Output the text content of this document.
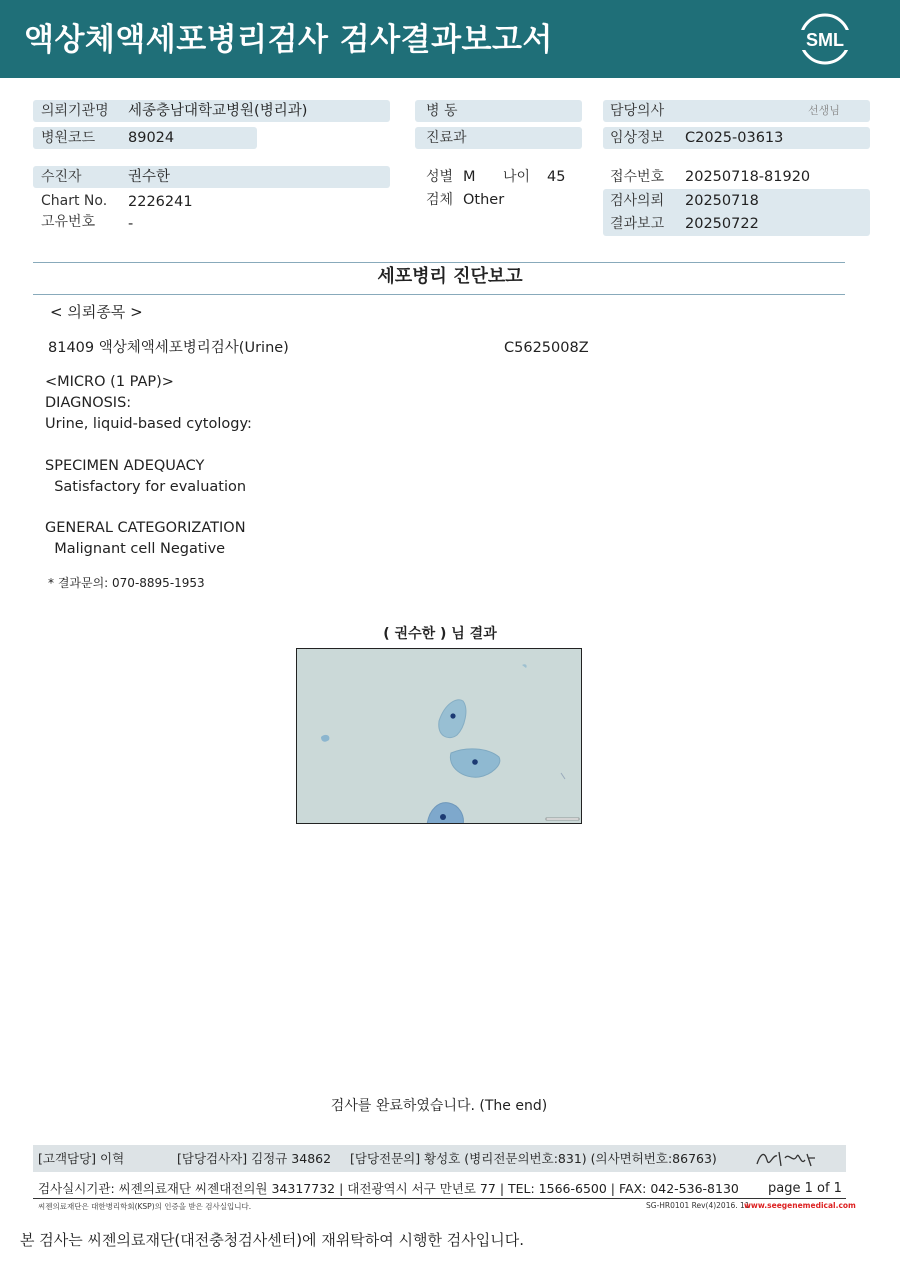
액상체액세포병리검사 검사결과보고서	SML
의뢰기관명 세종충남대학교병원(병리과)
병원코드 89024
수진자	권수한
Chart No. 2226241
고유번호 -
병 동
진료과
성별 M 나이 45
검체 Other
담당의사	선생님
임상정보 C2025-03613
접수번호 20250718-81920
검사의뢰 20250718
결과보고 20250722
세포병리 진단보고
< 의뢰종목 >
81409 액상체액세포병리검사(Urine)	C5625008Z
<MICRO (1 PAP)>
DIAGNOSIS:
Urine, liquid-based cytology:
SPECIMEN ADEQUACY
Satisfactory for evaluation
GENERAL CATEGORIZATION
Malignant cell Negative
* 결과문의: 070-8895-1953
( 권수한 ) 님 결과
검사를 완료하였습니다. (The end)
[고객담당] 이혁	[담당검사자] 김정규 34862 [담당전문의] 황성호 (병리전문의번호:831) (의사면허번호:86763)
검사실시기관: 씨젠의료재단 씨젠대전의원 34317732 | 대전광역시 서구 만년로 77 | TEL: 1566-6500 | FAX: 042-536-8130 page 1 of 1
씨젠의료재단은 대한병리학회(KSP)의 인증을 받은 검사실입니다.	SG-HR0101 Rev(4)2016. 11
www.seegenemedical.com
본 검사는 씨젠의료재단(대전충청검사센터)에 재위탁하여 시행한 검사입니다.
